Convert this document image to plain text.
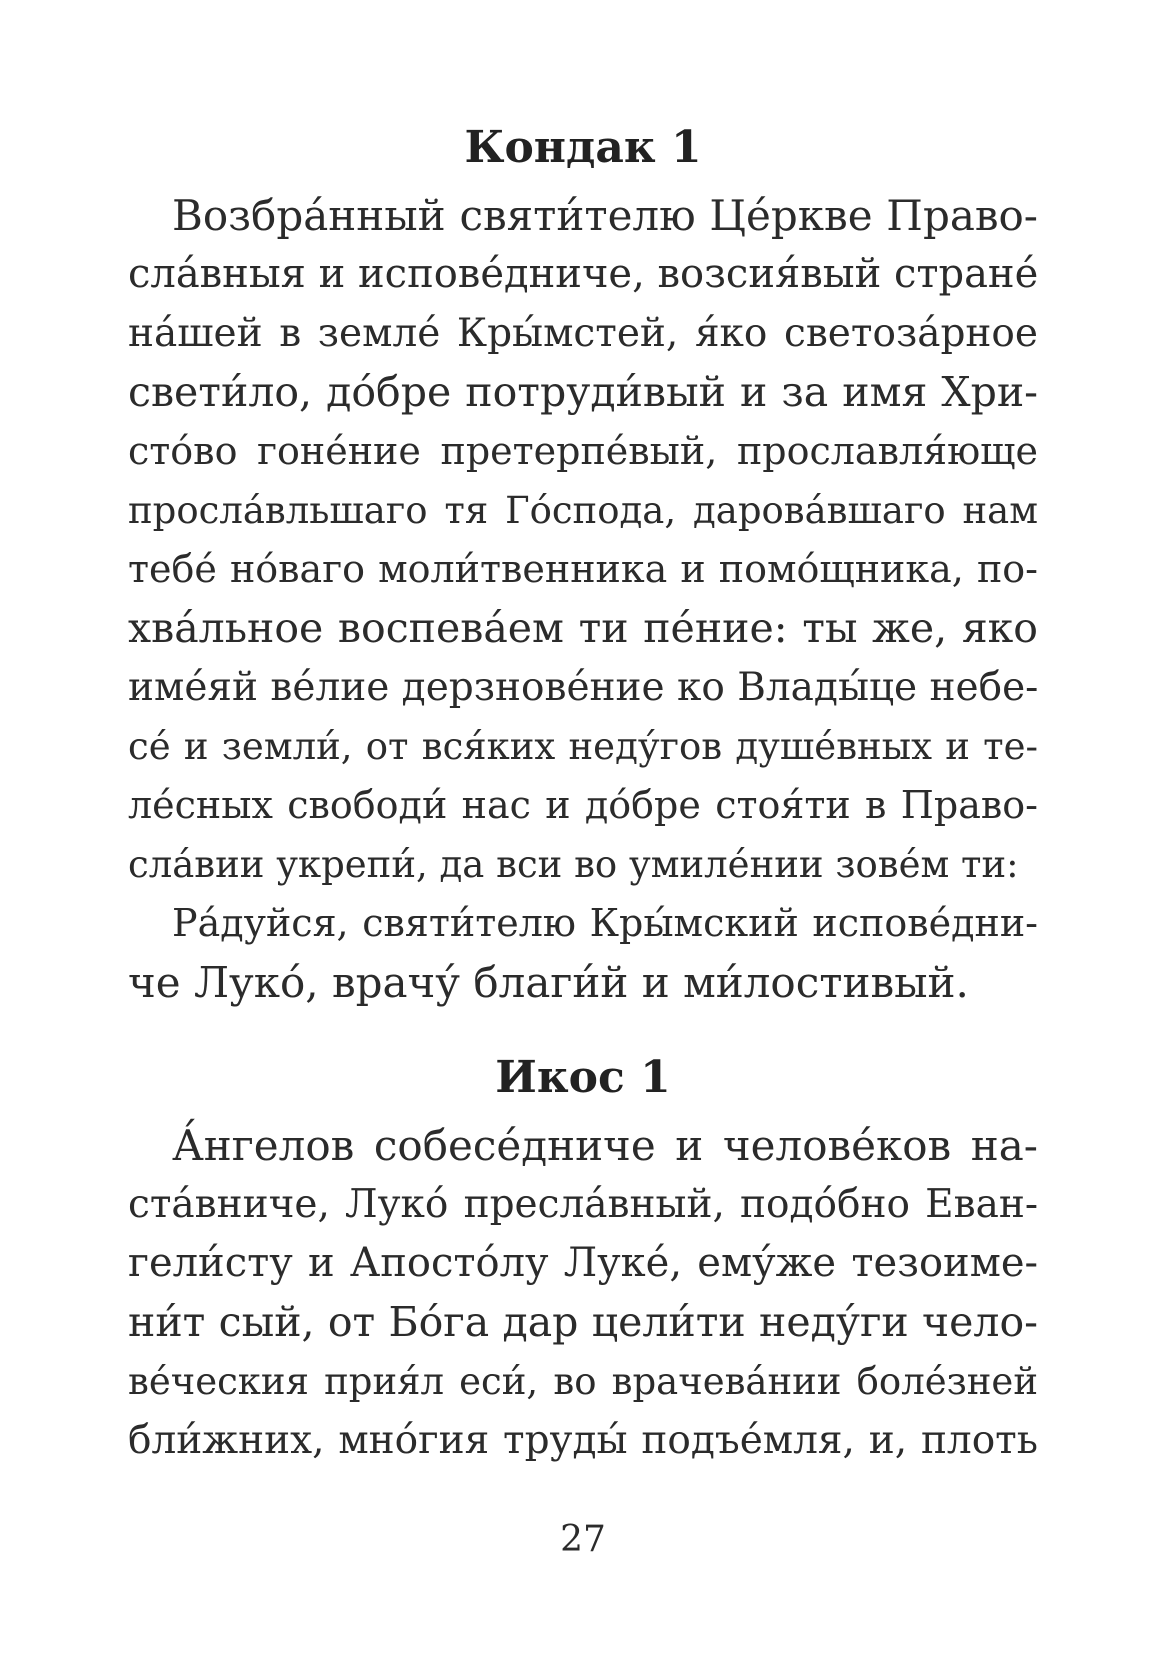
Кондак 1
Возбра́нный святи́телю Це́ркве Право-
сла́вныя и испове́дниче, возсия́вый стране́
на́шей в земле́ Кры́мстей, я́ко светоза́рное
свети́ло, до́бре потруди́вый и за имя Хри-
сто́во гоне́ние претерпе́вый, прославля́юще
просла́вльшаго тя Го́спода, дарова́вшаго нам
тебе́ но́ваго моли́твенника и помо́щника, по-
хва́льное воспева́ем ти пе́ние: ты же, яко
име́яй ве́лие дерзнове́ние ко Влады́це небе-
се́ и земли́, от вся́ких неду́гов душе́вных и те-
ле́сных свободи́ нас и до́бре стоя́ти в Право-
сла́вии укрепи́, да вси во умиле́нии зове́м ти:
Ра́дуйся, святи́телю Кры́мский испове́дни-
че Луко́, врачу́ благи́й и ми́лостивый.
Икос 1
А́нгелов собесе́дниче и челове́ков на-
ста́вниче, Луко́ пресла́вный, подо́бно Еван-
гели́сту и Апосто́лу Луке́, ему́же тезоиме-
ни́т сый, от Бо́га дар цели́ти неду́ги чело-
ве́ческия прия́л еси́, во врачева́нии боле́зней
бли́жних, мно́гия труды́ подъе́мля, и, плоть
27
